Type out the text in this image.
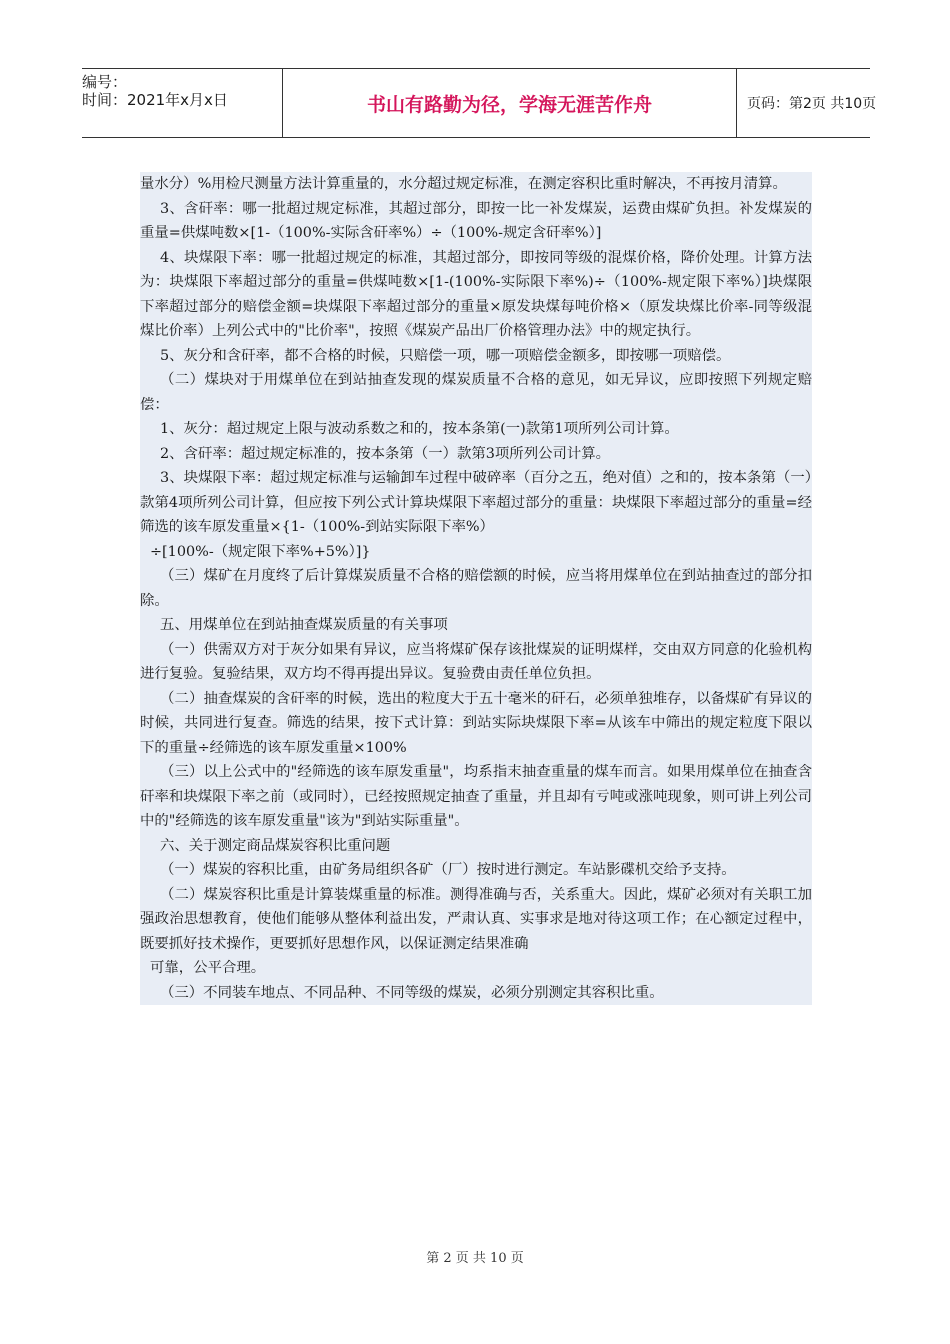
编号：
时间：2021年x月x日	书山有路勤为径，学海无涯苦作舟	页码：第2页 共10页

量水分）%用检尺测量方法计算重量的，水分超过规定标准，在测定容积比重时解决，不再按月清算。

3、含矸率：哪一批超过规定标准，其超过部分，即按一比一补发煤炭，运费由煤矿负担。补发煤炭的重量=供煤吨数×[1-（100%-实际含矸率%）÷（100%-规定含矸率%）]

4、块煤限下率：哪一批超过规定的标准，其超过部分，即按同等级的混煤价格，降价处理。计算方法为：块煤限下率超过部分的重量=供煤吨数×[1-(100%-实际限下率%)÷（100%-规定限下率%）]块煤限下率超过部分的赔偿金额=块煤限下率超过部分的重量×原发块煤每吨价格×（原发块煤比价率-同等级混煤比价率）上列公式中的"比价率"，按照《煤炭产品出厂价格管理办法》中的规定执行。

5、灰分和含矸率，都不合格的时候，只赔偿一项，哪一项赔偿金额多，即按哪一项赔偿。

（二）煤块对于用煤单位在到站抽查发现的煤炭质量不合格的意见，如无异议，应即按照下列规定赔偿：

1、灰分：超过规定上限与波动系数之和的，按本条第(一)款第1项所列公司计算。

2、含矸率：超过规定标准的，按本条第（一）款第3项所列公司计算。

3、块煤限下率：超过规定标准与运输卸车过程中破碎率（百分之五，绝对值）之和的，按本条第（一）款第4项所列公司计算，但应按下列公式计算块煤限下率超过部分的重量：块煤限下率超过部分的重量=经筛选的该车原发重量×{1-（100%-到站实际限下率%）

÷[100%-（规定限下率%+5%）]}

（三）煤矿在月度终了后计算煤炭质量不合格的赔偿额的时候，应当将用煤单位在到站抽查过的部分扣除。

五、用煤单位在到站抽查煤炭质量的有关事项

（一）供需双方对于灰分如果有异议，应当将煤矿保存该批煤炭的证明煤样，交由双方同意的化验机构进行复验。复验结果，双方均不得再提出异议。复验费由责任单位负担。

（二）抽查煤炭的含矸率的时候，选出的粒度大于五十毫米的矸石，必须单独堆存，以备煤矿有异议的时候，共同进行复查。筛选的结果，按下式计算：到站实际块煤限下率=从该车中筛出的规定粒度下限以下的重量÷经筛选的该车原发重量×100%

（三）以上公式中的"经筛选的该车原发重量"，均系指末抽查重量的煤车而言。如果用煤单位在抽查含矸率和块煤限下率之前（或同时），已经按照规定抽查了重量，并且却有亏吨或涨吨现象，则可讲上列公司中的"经筛选的该车原发重量"该为"到站实际重量"。

六、关于测定商品煤炭容积比重问题

（一）煤炭的容积比重，由矿务局组织各矿（厂）按时进行测定。车站影碟机交给予支持。

（二）煤炭容积比重是计算装煤重量的标准。测得准确与否，关系重大。因此，煤矿必须对有关职工加强政治思想教育，使他们能够从整体利益出发，严肃认真、实事求是地对待这项工作；在心额定过程中，既要抓好技术操作，更要抓好思想作风，以保证测定结果准确

可靠，公平合理。

（三）不同装车地点、不同品种、不同等级的煤炭，必须分别测定其容积比重。

第 2 页 共 10 页
